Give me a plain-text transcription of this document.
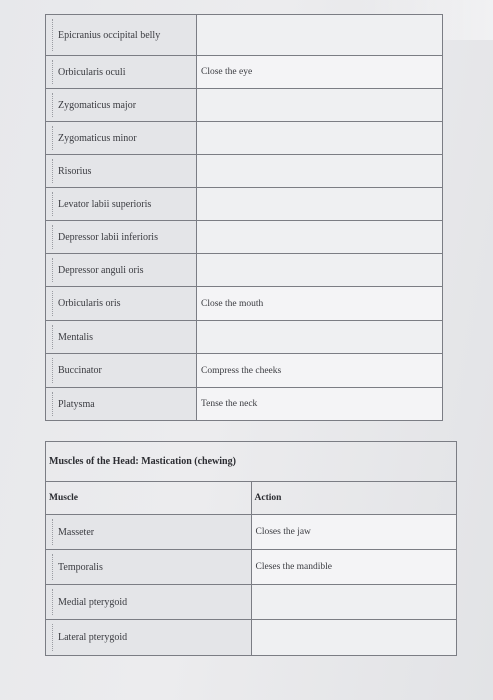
Epicranius occipital belly	
Orbicularis oculi	Close the eye
Zygomaticus major	
Zygomaticus minor	
Risorius	
Levator labii superioris	
Depressor labii inferioris	
Depressor anguli oris	
Orbicularis oris	Close the mouth
Mentalis	
Buccinator	Compress the cheeks
Platysma	Tense the neck
Muscles of the Head: Mastication (chewing)	
Muscle	Action
Masseter	Closes the jaw
Temporalis	Cleses the mandible
Medial pterygoid	
Lateral pterygoid	
